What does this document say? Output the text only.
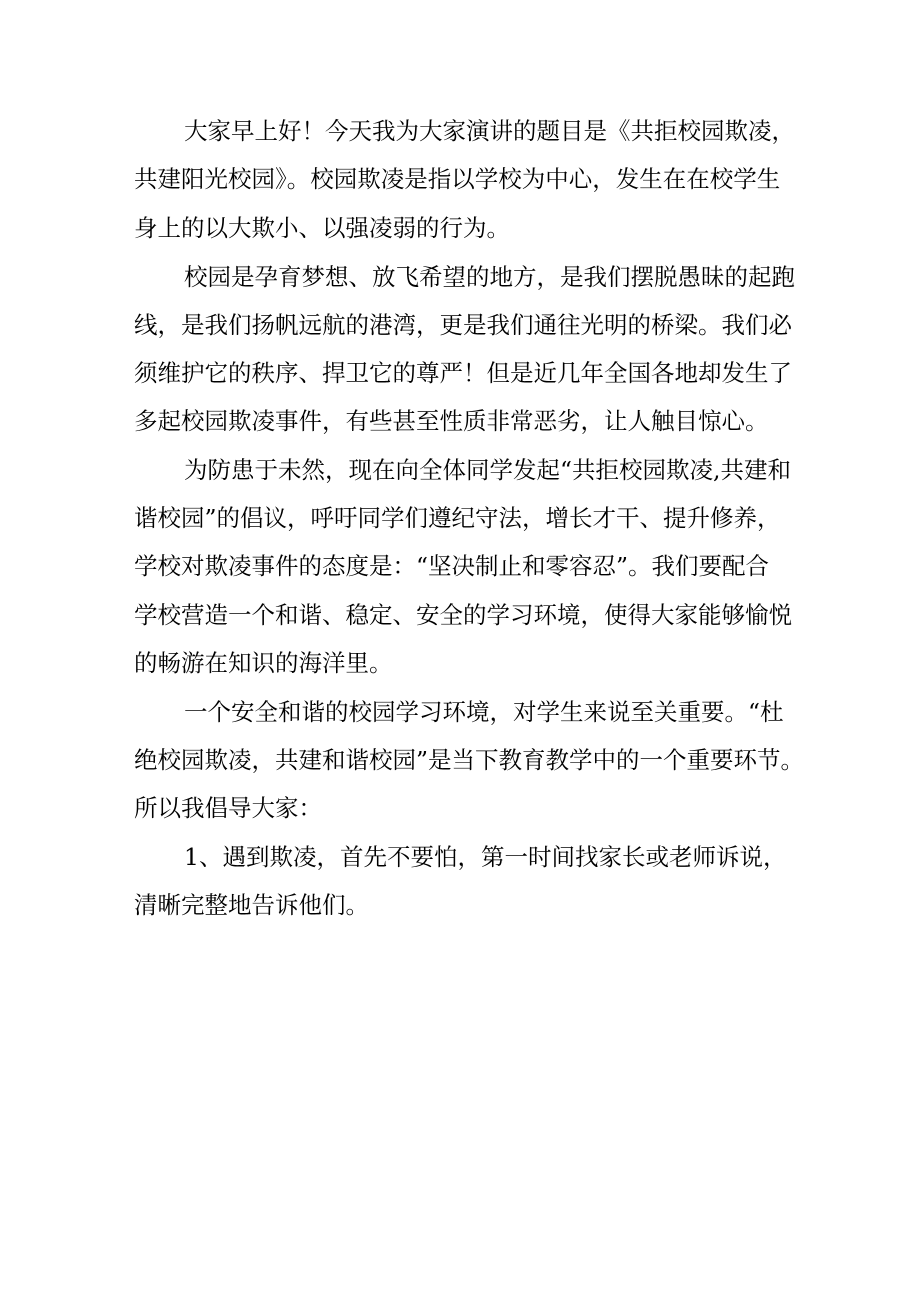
大家早上好！今天我为大家演讲的题目是《共拒校园欺凌，
共建阳光校园》。校园欺凌是指以学校为中心，发生在在校学生
身上的以大欺小、以强凌弱的行为。
校园是孕育梦想、放飞希望的地方，是我们摆脱愚昧的起跑
线，是我们扬帆远航的港湾，更是我们通往光明的桥梁。我们必
须维护它的秩序、捍卫它的尊严！但是近几年全国各地却发生了
多起校园欺凌事件，有些甚至性质非常恶劣，让人触目惊心。
为防患于未然，现在向全体同学发起“共拒校园欺凌,共建和
谐校园”的倡议，呼吁同学们遵纪守法，增长才干、提升修养，
学校对欺凌事件的态度是：“坚决制止和零容忍”。我们要配合
学校营造一个和谐、稳定、安全的学习环境，使得大家能够愉悦
的畅游在知识的海洋里。
一个安全和谐的校园学习环境，对学生来说至关重要。“杜
绝校园欺凌，共建和谐校园”是当下教育教学中的一个重要环节。
所以我倡导大家：
1、遇到欺凌，首先不要怕，第一时间找家长或老师诉说，
清晰完整地告诉他们。
